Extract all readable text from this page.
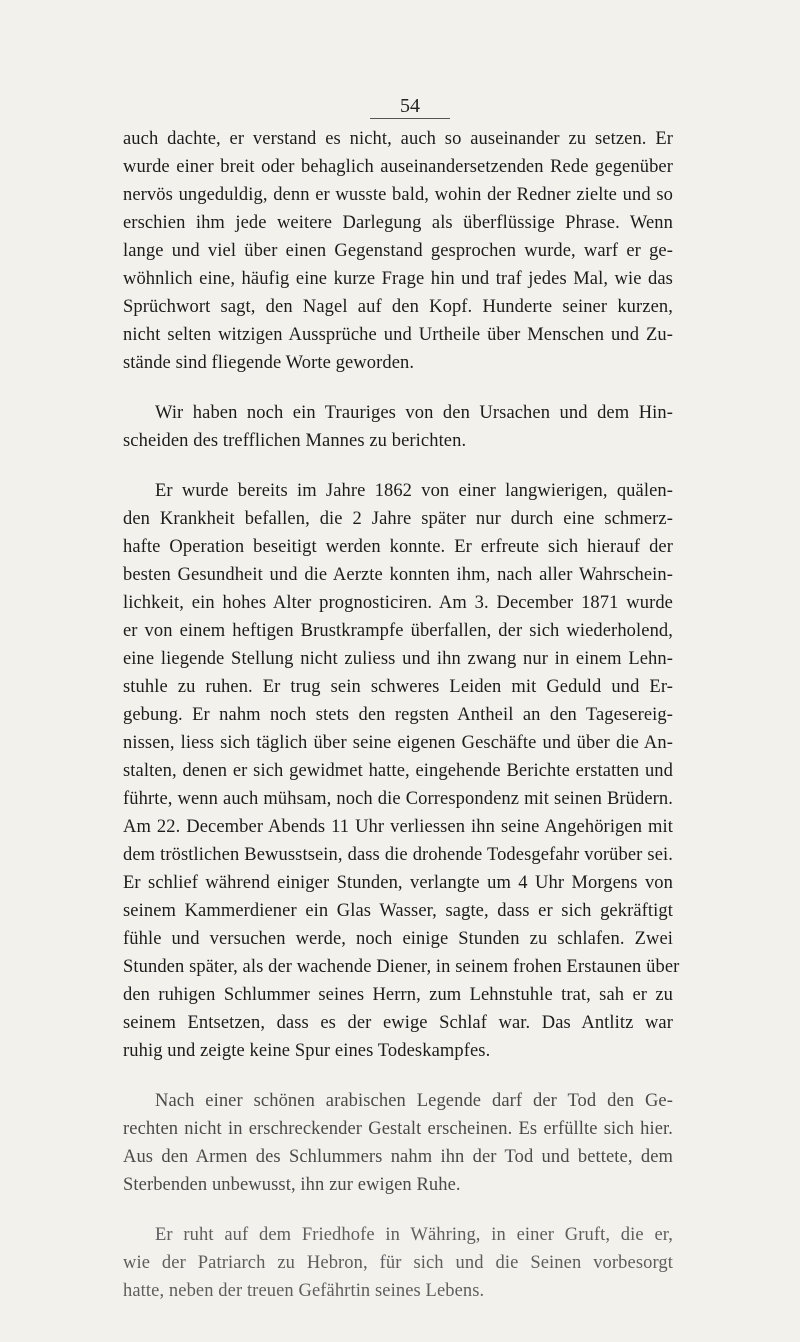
54
auch dachte, er verstand es nicht, auch so auseinander zu setzen. Er
wurde einer breit oder behaglich auseinandersetzenden Rede gegenüber
nervös ungeduldig, denn er wusste bald, wohin der Redner zielte und so
erschien ihm jede weitere Darlegung als überflüssige Phrase. Wenn
lange und viel über einen Gegenstand gesprochen wurde, warf er ge-
wöhnlich eine, häufig eine kurze Frage hin und traf jedes Mal, wie das
Sprüchwort sagt, den Nagel auf den Kopf. Hunderte seiner kurzen,
nicht selten witzigen Aussprüche und Urtheile über Menschen und Zu-
stände sind fliegende Worte geworden.
Wir haben noch ein Trauriges von den Ursachen und dem Hin-
scheiden des trefflichen Mannes zu berichten.
Er wurde bereits im Jahre 1862 von einer langwierigen, quälen-
den Krankheit befallen, die 2 Jahre später nur durch eine schmerz-
hafte Operation beseitigt werden konnte. Er erfreute sich hierauf der
besten Gesundheit und die Aerzte konnten ihm, nach aller Wahrschein-
lichkeit, ein hohes Alter prognosticiren. Am 3. December 1871 wurde
er von einem heftigen Brustkrampfe überfallen, der sich wiederholend,
eine liegende Stellung nicht zuliess und ihn zwang nur in einem Lehn-
stuhle zu ruhen. Er trug sein schweres Leiden mit Geduld und Er-
gebung. Er nahm noch stets den regsten Antheil an den Tagesereig-
nissen, liess sich täglich über seine eigenen Geschäfte und über die An-
stalten, denen er sich gewidmet hatte, eingehende Berichte erstatten und
führte, wenn auch mühsam, noch die Correspondenz mit seinen Brüdern.
Am 22. December Abends 11 Uhr verliessen ihn seine Angehörigen mit
dem tröstlichen Bewusstsein, dass die drohende Todesgefahr vorüber sei.
Er schlief während einiger Stunden, verlangte um 4 Uhr Morgens von
seinem Kammerdiener ein Glas Wasser, sagte, dass er sich gekräftigt
fühle und versuchen werde, noch einige Stunden zu schlafen. Zwei
Stunden später, als der wachende Diener, in seinem frohen Erstaunen über
den ruhigen Schlummer seines Herrn, zum Lehnstuhle trat, sah er zu
seinem Entsetzen, dass es der ewige Schlaf war. Das Antlitz war
ruhig und zeigte keine Spur eines Todeskampfes.
Nach einer schönen arabischen Legende darf der Tod den Ge-
rechten nicht in erschreckender Gestalt erscheinen. Es erfüllte sich hier.
Aus den Armen des Schlummers nahm ihn der Tod und bettete, dem
Sterbenden unbewusst, ihn zur ewigen Ruhe.
Er ruht auf dem Friedhofe in Währing, in einer Gruft, die er,
wie der Patriarch zu Hebron, für sich und die Seinen vorbesorgt
hatte, neben der treuen Gefährtin seines Lebens.
